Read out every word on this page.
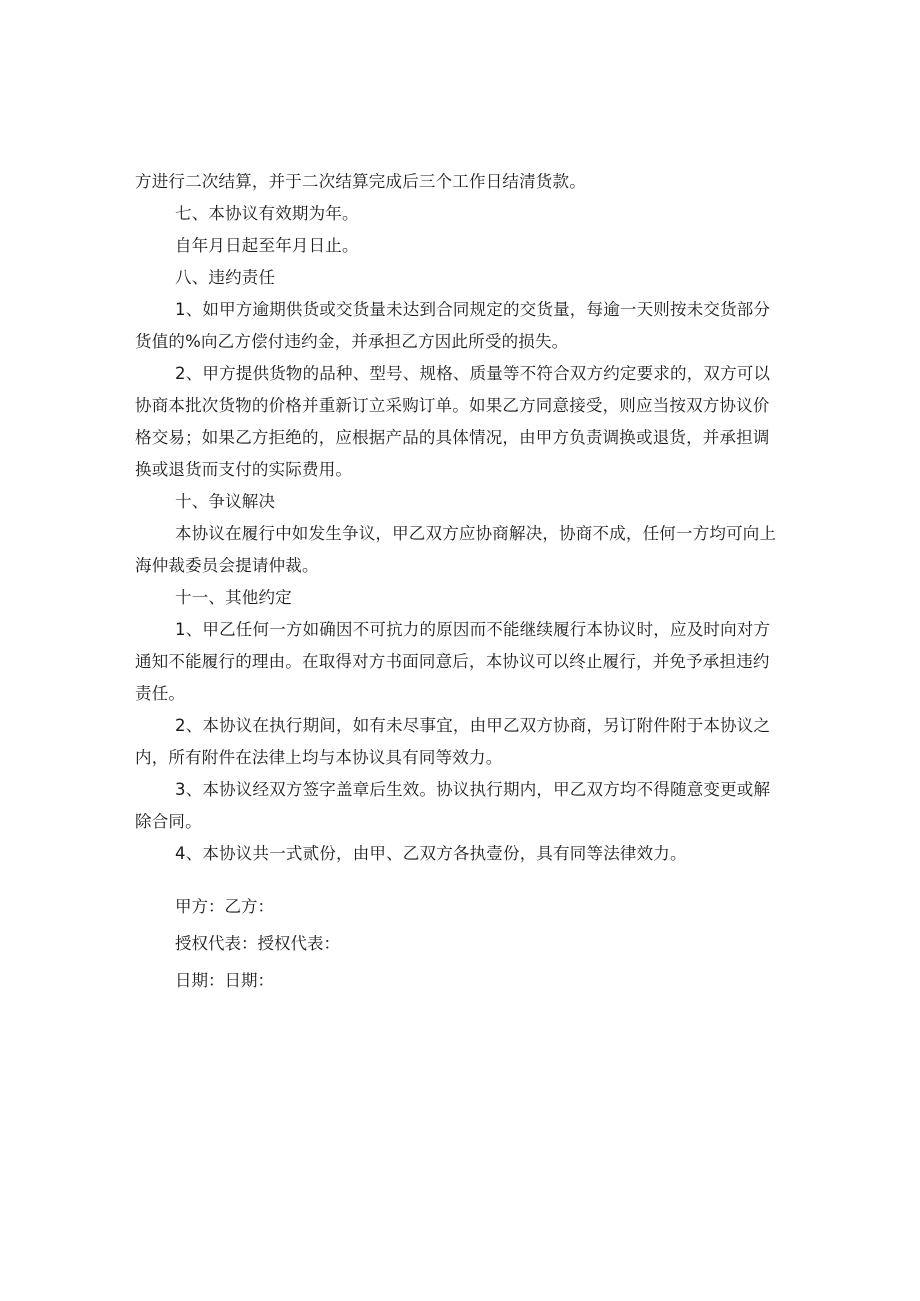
方进行二次结算，并于二次结算完成后三个工作日结清货款。
七、本协议有效期为年。
自年月日起至年月日止。
八、违约责任
1、如甲方逾期供货或交货量未达到合同规定的交货量，每逾一天则按未交货部分
货值的%向乙方偿付违约金，并承担乙方因此所受的损失。
2、甲方提供货物的品种、型号、规格、质量等不符合双方约定要求的，双方可以
协商本批次货物的价格并重新订立采购订单。如果乙方同意接受，则应当按双方协议价
格交易；如果乙方拒绝的，应根据产品的具体情况，由甲方负责调换或退货，并承担调
换或退货而支付的实际费用。
十、争议解决
本协议在履行中如发生争议，甲乙双方应协商解决，协商不成，任何一方均可向上
海仲裁委员会提请仲裁。
十一、其他约定
1、甲乙任何一方如确因不可抗力的原因而不能继续履行本协议时，应及时向对方
通知不能履行的理由。在取得对方书面同意后，本协议可以终止履行，并免予承担违约
责任。
2、本协议在执行期间，如有未尽事宜，由甲乙双方协商，另订附件附于本协议之
内，所有附件在法律上均与本协议具有同等效力。
3、本协议经双方签字盖章后生效。协议执行期内，甲乙双方均不得随意变更或解
除合同。
4、本协议共一式贰份，由甲、乙双方各执壹份，具有同等法律效力。
甲方：乙方：
授权代表：授权代表：
日期：日期：
